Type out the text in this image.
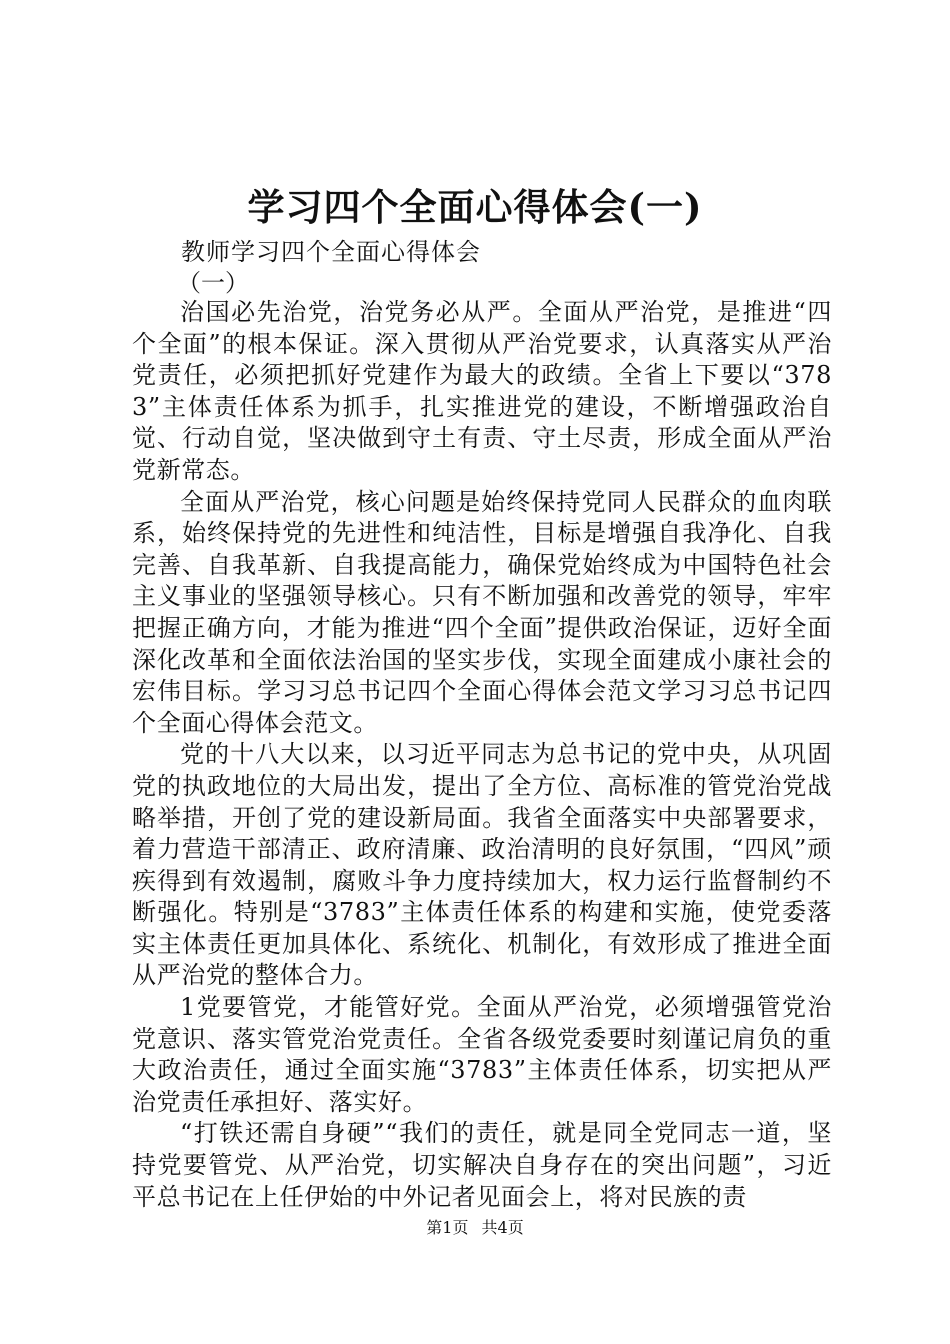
学习四个全面心得体会(一)

教师学习四个全面心得体会

（一）

治国必先治党，治党务必从严。全面从严治党，是推进“四个全面”的根本保证。深入贯彻从严治党要求，认真落实从严治党责任，必须把抓好党建作为最大的政绩。全省上下要以“3783”主体责任体系为抓手，扎实推进党的建设，不断增强政治自觉、行动自觉，坚决做到守土有责、守土尽责，形成全面从严治党新常态。

全面从严治党，核心问题是始终保持党同人民群众的血肉联系，始终保持党的先进性和纯洁性，目标是增强自我净化、自我完善、自我革新、自我提高能力，确保党始终成为中国特色社会主义事业的坚强领导核心。只有不断加强和改善党的领导，牢牢把握正确方向，才能为推进“四个全面”提供政治保证，迈好全面深化改革和全面依法治国的坚实步伐，实现全面建成小康社会的宏伟目标。学习习总书记四个全面心得体会范文学习习总书记四个全面心得体会范文。

党的十八大以来，以习近平同志为总书记的党中央，从巩固党的执政地位的大局出发，提出了全方位、高标准的管党治党战略举措，开创了党的建设新局面。我省全面落实中央部署要求，着力营造干部清正、政府清廉、政治清明的良好氛围，“四风”顽疾得到有效遏制，腐败斗争力度持续加大，权力运行监督制约不断强化。特别是“3783”主体责任体系的构建和实施，使党委落实主体责任更加具体化、系统化、机制化，有效形成了推进全面从严治党的整体合力。

1党要管党，才能管好党。全面从严治党，必须增强管党治党意识、落实管党治党责任。全省各级党委要时刻谨记肩负的重大政治责任，通过全面实施“3783”主体责任体系，切实把从严治党责任承担好、落实好。

“打铁还需自身硬”“我们的责任，就是同全党同志一道，坚持党要管党、从严治党，切实解决自身存在的突出问题”，习近平总书记在上任伊始的中外记者见面会上，将对民族的责

第1页 共4页
